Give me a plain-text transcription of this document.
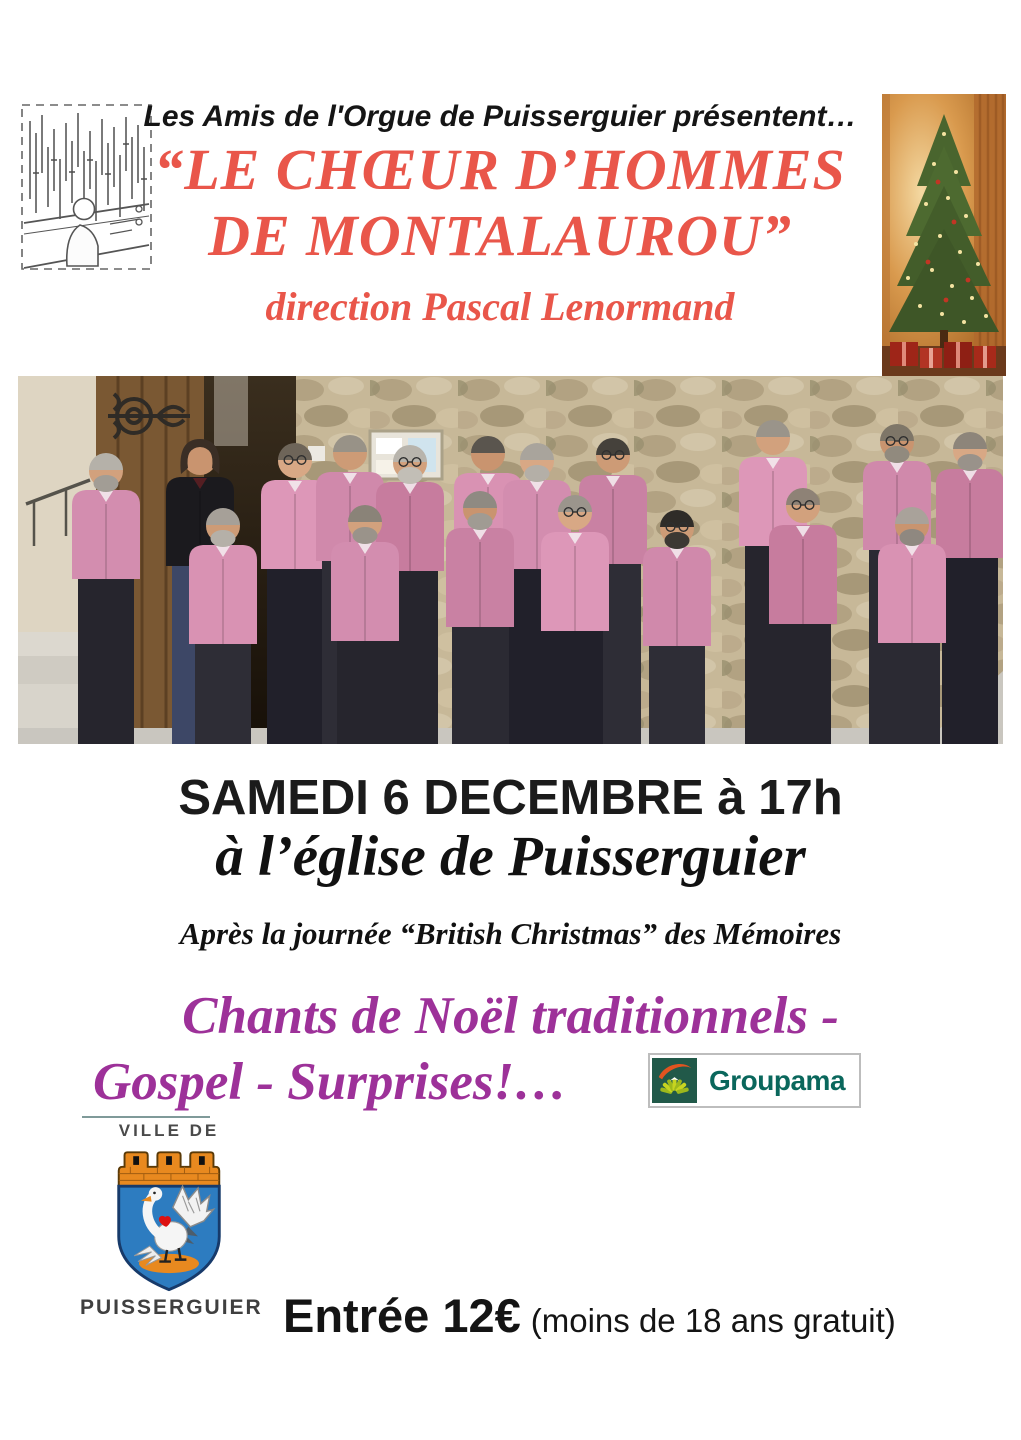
Les Amis de l'Orgue de Puisserguier présentent…
“LE CHŒUR D’HOMMES
DE MONTALAUROU”
direction Pascal Lenormand
SAMEDI 6 DECEMBRE à 17h
à l’église de Puisserguier
Après la journée “British Christmas” des Mémoires
Chants de Noël traditionnels -
Gospel - Surprises!…	Groupama
VILLE DE
PUISSERGUIER Entrée 12€ (moins de 18 ans gratuit)
